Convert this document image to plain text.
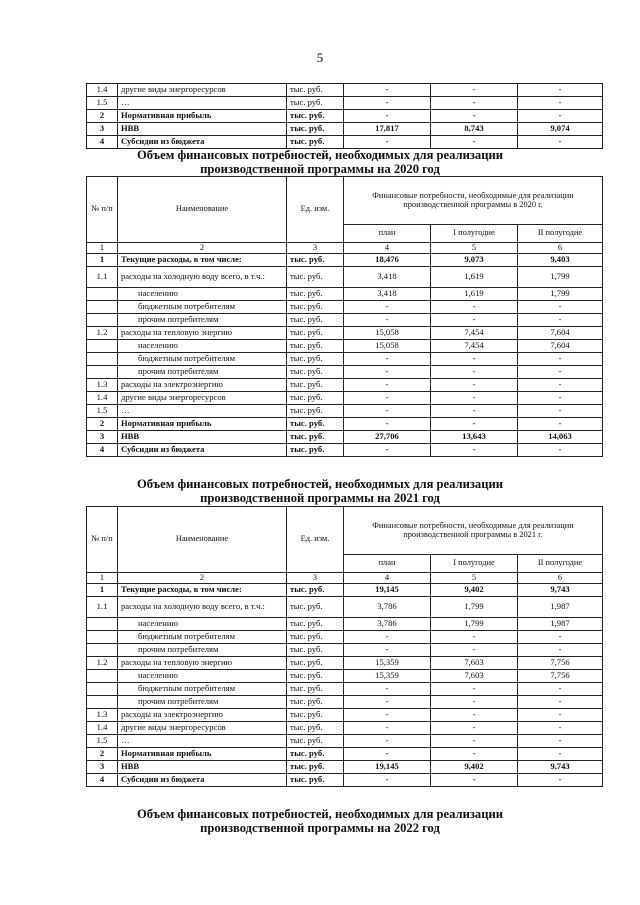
5
1.4	другие виды энергоресурсов	тыс. руб.	-	-	-
1.5	…	тыс. руб.	-	-	-
2	Нормативная прибыль	тыс. руб.	-	-	-
3	НВВ	тыс. руб.	17,817	8,743	9,074
4	Субсидии из бюджета	тыс. руб.	-	-	-
Объем финансовых потребностей, необходимых для реализации
производственной программы на 2020 год
№ п/п	Наименование	Ед. изм.	Финансовые потребности, необходимые для реализации производственной программы в 2020 г.		
			план	I полугодие	II полугодие
1	2	3	4	5	6
1	Текущие расходы, в том числе:	тыс. руб.	18,476	9,073	9,403
1.1	расходы на холодную воду всего, в т.ч.:	тыс. руб.	3,418	1,619	1,799
	населению	тыс. руб.	3,418	1,619	1,799
	бюджетным потребителям	тыс. руб.	-	-	-
	прочим потребителям	тыс. руб.	-	-	-
1.2	расходы на тепловую энергию	тыс. руб.	15,058	7,454	7,604
	населению	тыс. руб.	15,058	7,454	7,604
	бюджетным потребителям	тыс. руб.	-	-	-
	прочим потребителям	тыс. руб.	-	-	-
1.3	расходы на электроэнергию	тыс. руб.	-	-	-
1.4	другие виды энергоресурсов	тыс. руб.	-	-	-
1.5	…	тыс. руб.	-	-	-
2	Нормативная прибыль	тыс. руб.	-	-	-
3	НВВ	тыс. руб.	27,706	13,643	14,063
4	Субсидии из бюджета	тыс. руб.	-	-	-
Объем финансовых потребностей, необходимых для реализации
производственной программы на 2021 год
№ п/п	Наименование	Ед. изм.	Финансовые потребности, необходимые для реализации производственной программы в 2021 г.		
			план	I полугодие	II полугодие
1	2	3	4	5	6
1	Текущие расходы, в том числе:	тыс. руб.	19,145	9,402	9,743
1.1	расходы на холодную воду всего, в т.ч.:	тыс. руб.	3,786	1,799	1,987
	населению	тыс. руб.	3,786	1,799	1,987
	бюджетным потребителям	тыс. руб.	-	-	-
	прочим потребителям	тыс. руб.	-	-	-
1.2	расходы на тепловую энергию	тыс. руб.	15,359	7,603	7,756
	населению	тыс. руб.	15,359	7,603	7,756
	бюджетным потребителям	тыс. руб.	-	-	-
	прочим потребителям	тыс. руб.	-	-	-
1.3	расходы на электроэнергию	тыс. руб.	-	-	-
1.4	другие виды энергоресурсов	тыс. руб.	-	-	-
1.5	…	тыс. руб.	-	-	-
2	Нормативная прибыль	тыс. руб.	-	-	-
3	НВВ	тыс. руб.	19,145	9,402	9,743
4	Субсидии из бюджета	тыс. руб.	-	-	-
Объем финансовых потребностей, необходимых для реализации
производственной программы на 2022 год
